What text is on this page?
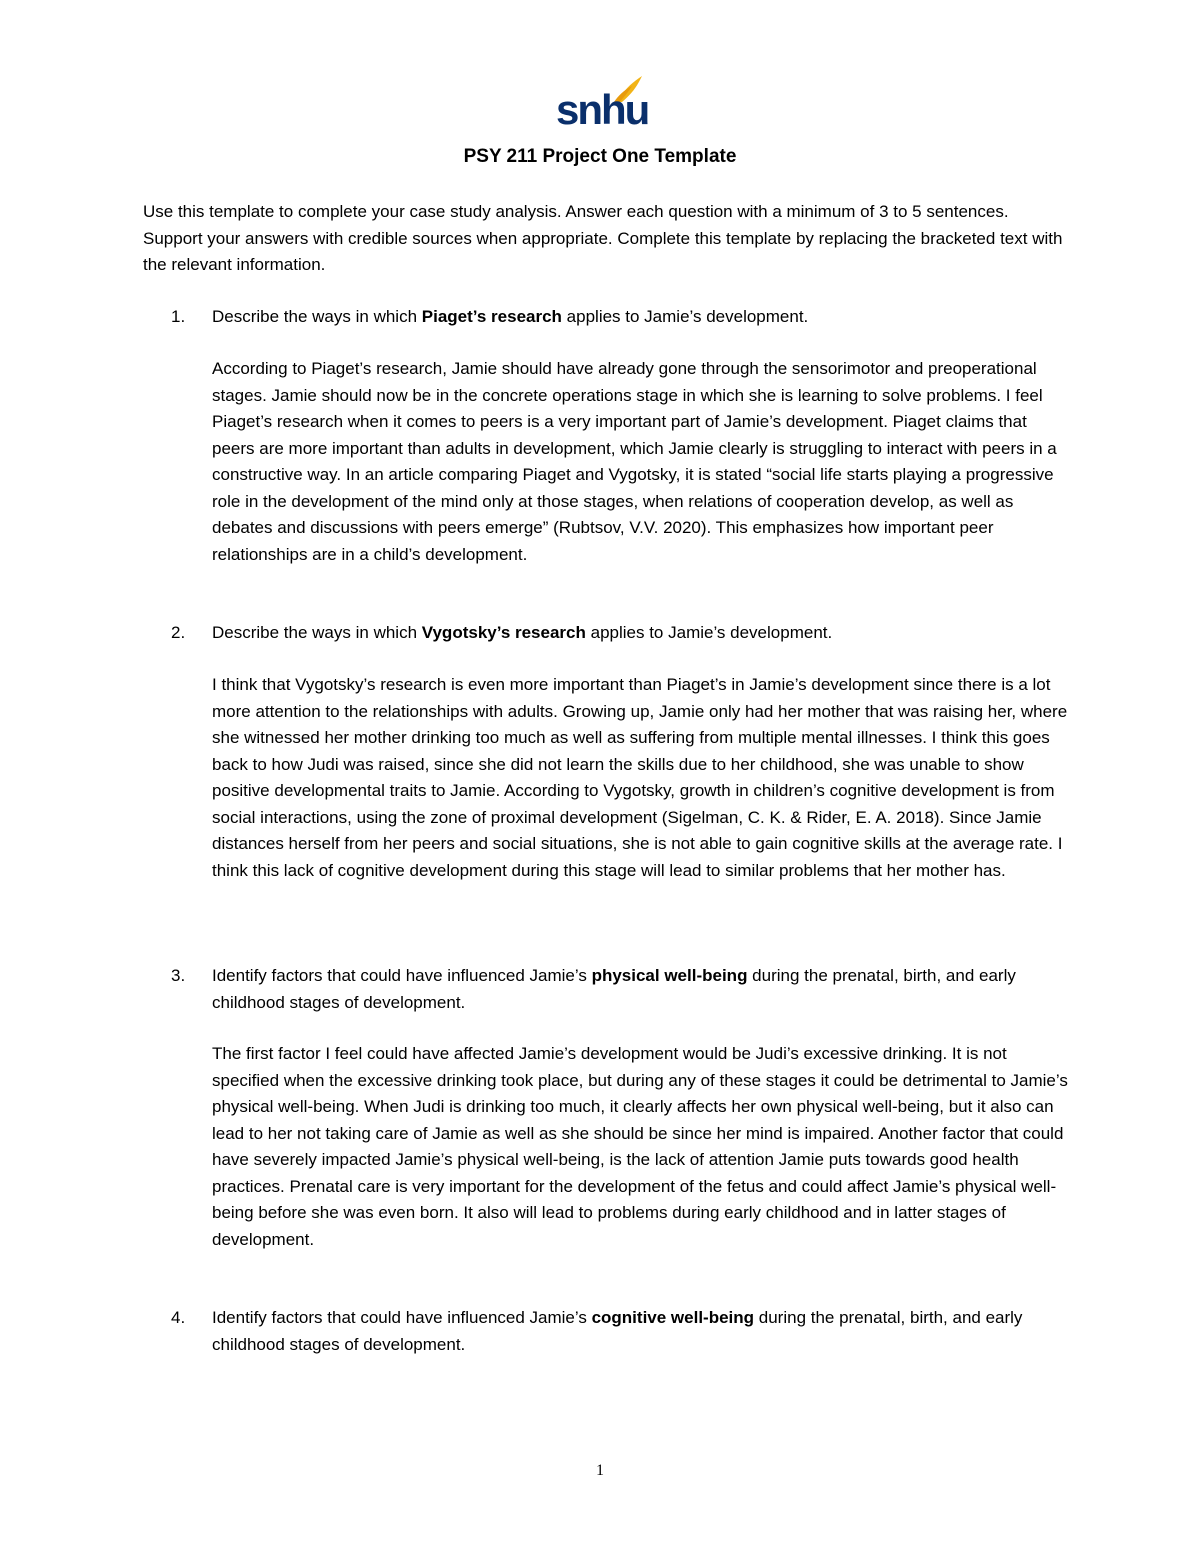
snhu
PSY 211 Project One Template
Use this template to complete your case study analysis. Answer each question with a minimum of 3 to 5 sentences. Support your answers with credible sources when appropriate. Complete this template by replacing the bracketed text with the relevant information.
1. Describe the ways in which Piaget’s research applies to Jamie’s development.
According to Piaget’s research, Jamie should have already gone through the sensorimotor and preoperational stages. Jamie should now be in the concrete operations stage in which she is learning to solve problems. I feel Piaget’s research when it comes to peers is a very important part of Jamie’s development. Piaget claims that peers are more important than adults in development, which Jamie clearly is struggling to interact with peers in a constructive way. In an article comparing Piaget and Vygotsky, it is stated “social life starts playing a progressive role in the development of the mind only at those stages, when relations of cooperation develop, as well as debates and discussions with peers emerge” (Rubtsov, V.V. 2020). This emphasizes how important peer relationships are in a child’s development.
2. Describe the ways in which Vygotsky’s research applies to Jamie’s development.
I think that Vygotsky’s research is even more important than Piaget’s in Jamie’s development since there is a lot more attention to the relationships with adults. Growing up, Jamie only had her mother that was raising her, where she witnessed her mother drinking too much as well as suffering from multiple mental illnesses. I think this goes back to how Judi was raised, since she did not learn the skills due to her childhood, she was unable to show positive developmental traits to Jamie. According to Vygotsky, growth in children’s cognitive development is from social interactions, using the zone of proximal development (Sigelman, C. K. & Rider, E. A. 2018). Since Jamie distances herself from her peers and social situations, she is not able to gain cognitive skills at the average rate. I think this lack of cognitive development during this stage will lead to similar problems that her mother has.
3. Identify factors that could have influenced Jamie’s physical well-being during the prenatal, birth, and early childhood stages of development.
The first factor I feel could have affected Jamie’s development would be Judi’s excessive drinking. It is not specified when the excessive drinking took place, but during any of these stages it could be detrimental to Jamie’s physical well-being. When Judi is drinking too much, it clearly affects her own physical well-being, but it also can lead to her not taking care of Jamie as well as she should be since her mind is impaired. Another factor that could have severely impacted Jamie’s physical well-being, is the lack of attention Jamie puts towards good health practices. Prenatal care is very important for the development of the fetus and could affect Jamie’s physical well-being before she was even born. It also will lead to problems during early childhood and in latter stages of development.
4. Identify factors that could have influenced Jamie’s cognitive well-being during the prenatal, birth, and early childhood stages of development.
1
